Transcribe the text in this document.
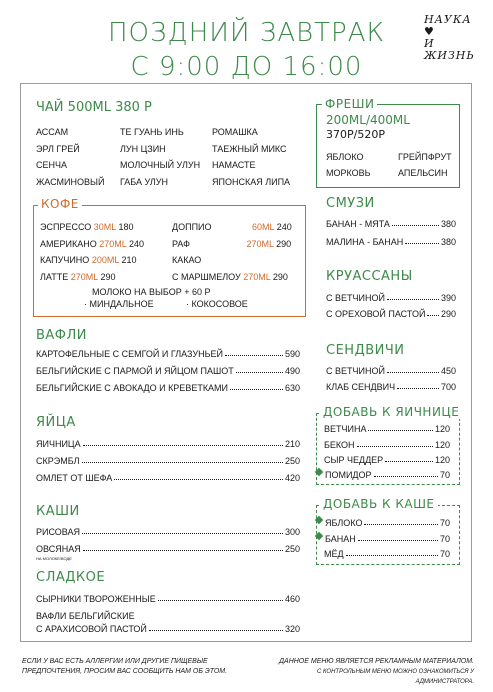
ПОЗДНИЙ ЗАВТРАК
С 9:00 ДО 16:00
НАУКА ♥
И
ЖИЗНЬ
ЧАЙ 500ML 380 Р
АССАМ
ЭРЛ ГРЕЙ
СЕНЧА
ЖАСМИНОВЫЙ
ТЕ ГУАНЬ ИНЬ
ЛУН ЦЗИН
МОЛОЧНЫЙ УЛУН
ГАБА УЛУН
РОМАШКА
ТАЕЖНЫЙ МИКС
НАМАСТЕ
ЯПОНСКАЯ ЛИПА
КОФЕ
ЭСПРЕССО 30ML 180
АМЕРИКАНО 270ML 240
КАПУЧИНО 200ML 210
ЛАТТЕ 270ML 290
ДОППИО	60ML 240
РАФ	270ML 290
КАКАО
С МАРШМЕЛОУ 270ML 290
МОЛОКО НА ВЫБОР + 60 Р
· МИНДАЛЬНОЕ	· КОКОСОВОЕ
ВАФЛИ
КАРТОФЕЛЬНЫЕ С СЕМГОЙ И ГЛАЗУНЬЕЙ	590
БЕЛЬГИЙСКИЕ С ПАРМОЙ И ЯЙЦОМ ПАШОТ	490
БЕЛЬГИЙСКИЕ С АВОКАДО И КРЕВЕТКАМИ	630
ЯЙЦА
ЯИЧНИЦА	210
СКРЭМБЛ	250
ОМЛЕТ ОТ ШЕФА	420
КАШИ
РИСОВАЯ	300
ОВСЯНАЯ	250
НА МОЛОКЕ/ВОДЕ
СЛАДКОЕ
СЫРНИКИ ТВОРОЖЕННЫЕ	460
ВАФЛИ БЕЛЬГИЙСКИЕ
С АРАХИСОВОЙ ПАСТОЙ	320
ФРЕШИ
200ML/400ML
370Р/520Р
ЯБЛОКО	ГРЕЙПФРУТ
МОРКОВЬ	АПЕЛЬСИН
СМУЗИ
БАНАН - МЯТА	380
МАЛИНА - БАНАН	380
КРУАССАНЫ
С ВЕТЧИНОЙ	390
С ОРЕХОВОЙ ПАСТОЙ 290
СЕНДВИЧИ
С ВЕТЧИНОЙ	450
КЛАБ СЕНДВИЧ	700
ДОБАВЬ К ЯИЧНИЦЕ
ВЕТЧИНА	120
БЕКОН	120
СЫР ЧЕДДЕР	120
ПОМИДОР	70
ДОБАВЬ К КАШЕ
ЯБЛОКО	70
БАНАН	70
МЁД	70
ЕСЛИ У ВАС ЕСТЬ АЛЛЕРГИИ ИЛИ ДРУГИЕ ПИЩЕВЫЕ
ПРЕДПОЧТЕНИЯ, ПРОСИМ ВАС СООБЩИТЬ НАМ ОБ ЭТОМ.
ДАННОЕ МЕНЮ ЯВЛЯЕТСЯ РЕКЛАМНЫМ МАТЕРИАЛОМ.
С КОНТРОЛЬНЫМ МЕНЮ МОЖНО ОЗНАКОМИТЬСЯ У АДМИНИСТРАТОРА.
